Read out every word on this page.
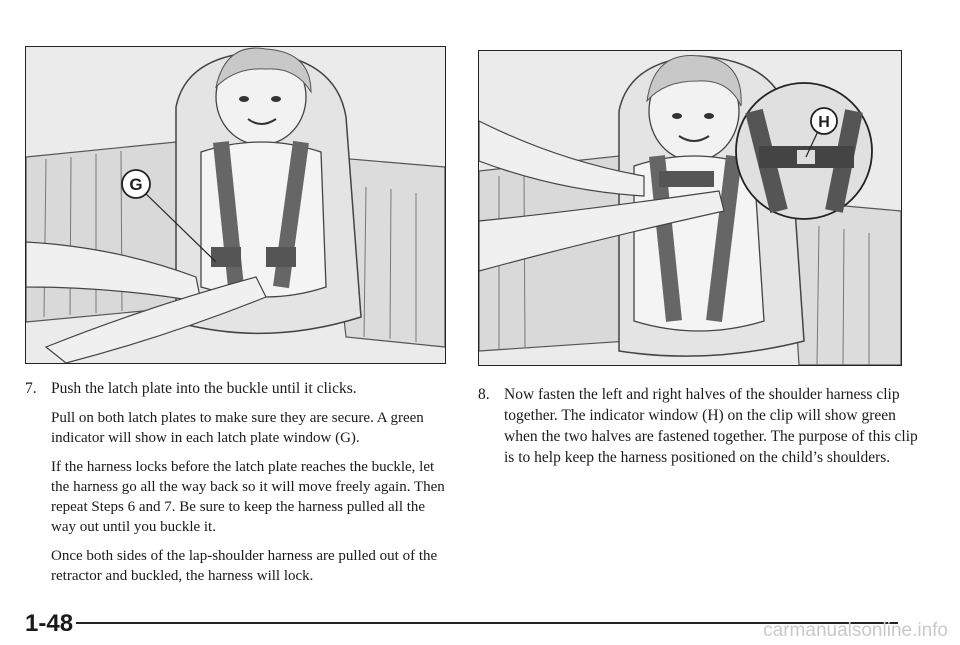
G
H
7. Push the latch plate into the buckle until it clicks.

Pull on both latch plates to make sure they are secure. A green indicator will show in each latch plate window (G).

If the harness locks before the latch plate reaches the buckle, let the harness go all the way back so it will move freely again. Then repeat Steps 6 and 7. Be sure to keep the harness pulled all the way out until you buckle it.

Once both sides of the lap-shoulder harness are pulled out of the retractor and buckled, the harness will lock.

8. Now fasten the left and right halves of the shoulder harness clip together. The indicator window (H) on the clip will show green when the two halves are fastened together. The purpose of this clip is to help keep the harness positioned on the child’s shoulders.
1-48	carmanualsonline.info
